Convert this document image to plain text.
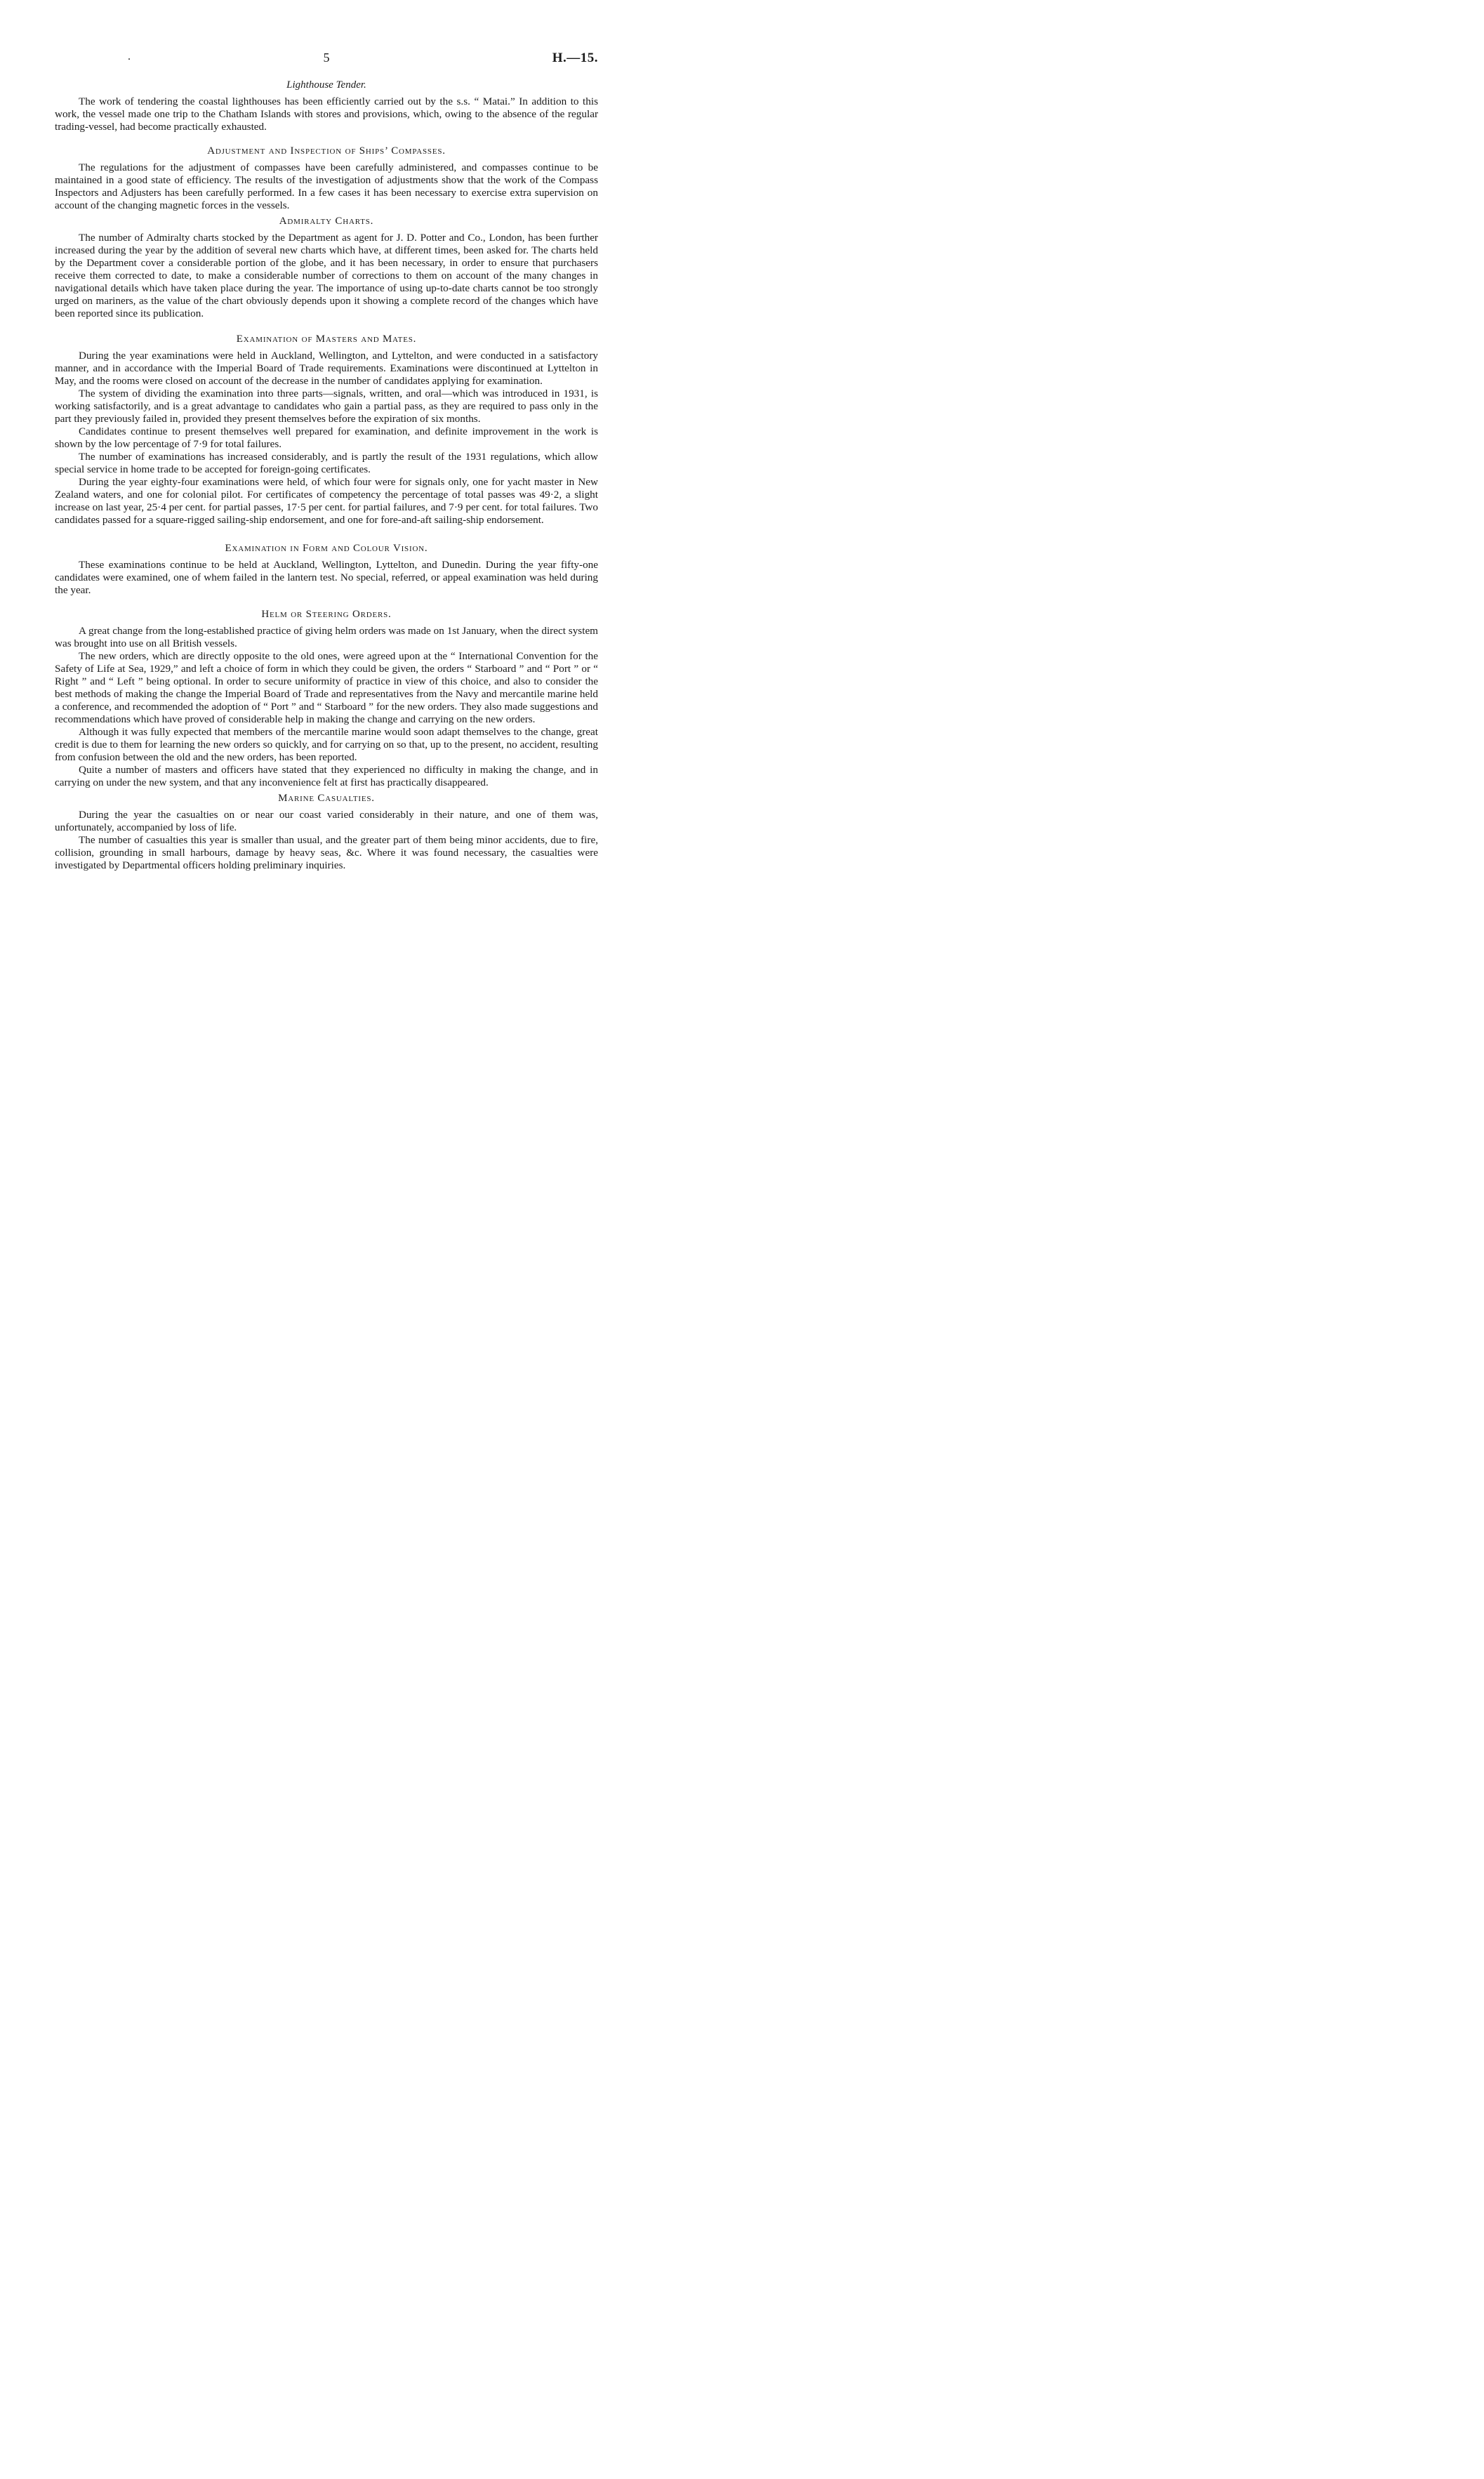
.	5	H.—15.
Lighthouse Tender.

The work of tendering the coastal lighthouses has been efficiently carried out by the s.s. “ Matai.” In addition to this work, the vessel made one trip to the Chatham Islands with stores and provisions, which, owing to the absence of the regular trading-vessel, had become practically exhausted.

Adjustment and Inspection of Ships’ Compasses.

The regulations for the adjustment of compasses have been carefully administered, and compasses continue to be maintained in a good state of efficiency. The results of the investigation of adjustments show that the work of the Compass Inspectors and Adjusters has been carefully performed. In a few cases it has been necessary to exercise extra supervision on account of the changing magnetic forces in the vessels.

Admiralty Charts.

The number of Admiralty charts stocked by the Department as agent for J. D. Potter and Co., London, has been further increased during the year by the addition of several new charts which have, at different times, been asked for. The charts held by the Department cover a considerable portion of the globe, and it has been necessary, in order to ensure that purchasers receive them corrected to date, to make a considerable number of corrections to them on account of the many changes in navigational details which have taken place during the year. The importance of using up-to-date charts cannot be too strongly urged on mariners, as the value of the chart obviously depends upon it showing a complete record of the changes which have been reported since its publication.

Examination of Masters and Mates.

During the year examinations were held in Auckland, Wellington, and Lyttelton, and were conducted in a satisfactory manner, and in accordance with the Imperial Board of Trade requirements. Examinations were discontinued at Lyttelton in May, and the rooms were closed on account of the decrease in the number of candidates applying for examination.

The system of dividing the examination into three parts—signals, written, and oral—which was introduced in 1931, is working satisfactorily, and is a great advantage to candidates who gain a partial pass, as they are required to pass only in the part they previously failed in, provided they present themselves before the expiration of six months.

Candidates continue to present themselves well prepared for examination, and definite improvement in the work is shown by the low percentage of 7·9 for total failures.

The number of examinations has increased considerably, and is partly the result of the 1931 regulations, which allow special service in home trade to be accepted for foreign-going certificates.

During the year eighty-four examinations were held, of which four were for signals only, one for yacht master in New Zealand waters, and one for colonial pilot. For certificates of competency the percentage of total passes was 49·2, a slight increase on last year, 25·4 per cent. for partial passes, 17·5 per cent. for partial failures, and 7·9 per cent. for total failures. Two candidates passed for a square-rigged sailing-ship endorsement, and one for fore-and-aft sailing-ship endorsement.

Examination in Form and Colour Vision.

These examinations continue to be held at Auckland, Wellington, Lyttelton, and Dunedin. During the year fifty-one candidates were examined, one of whem failed in the lantern test. No special, referred, or appeal examination was held during the year.

Helm or Steering Orders.

A great change from the long-established practice of giving helm orders was made on 1st January, when the direct system was brought into use on all British vessels.

The new orders, which are directly opposite to the old ones, were agreed upon at the “ International Convention for the Safety of Life at Sea, 1929,” and left a choice of form in which they could be given, the orders “ Starboard ” and “ Port ” or “ Right ” and “ Left ” being optional. In order to secure uniformity of practice in view of this choice, and also to consider the best methods of making the change the Imperial Board of Trade and representatives from the Navy and mercantile marine held a conference, and recommended the adoption of “ Port ” and “ Starboard ” for the new orders. They also made suggestions and recommendations which have proved of considerable help in making the change and carrying on the new orders.

Although it was fully expected that members of the mercantile marine would soon adapt themselves to the change, great credit is due to them for learning the new orders so quickly, and for carrying on so that, up to the present, no accident, resulting from confusion between the old and the new orders, has been reported.

Quite a number of masters and officers have stated that they experienced no difficulty in making the change, and in carrying on under the new system, and that any inconvenience felt at first has practically disappeared.

Marine Casualties.

During the year the casualties on or near our coast varied considerably in their nature, and one of them was, unfortunately, accompanied by loss of life.

The number of casualties this year is smaller than usual, and the greater part of them being minor accidents, due to fire, collision, grounding in small harbours, damage by heavy seas, &c. Where it was found necessary, the casualties were investigated by Departmental officers holding preliminary inquiries.
